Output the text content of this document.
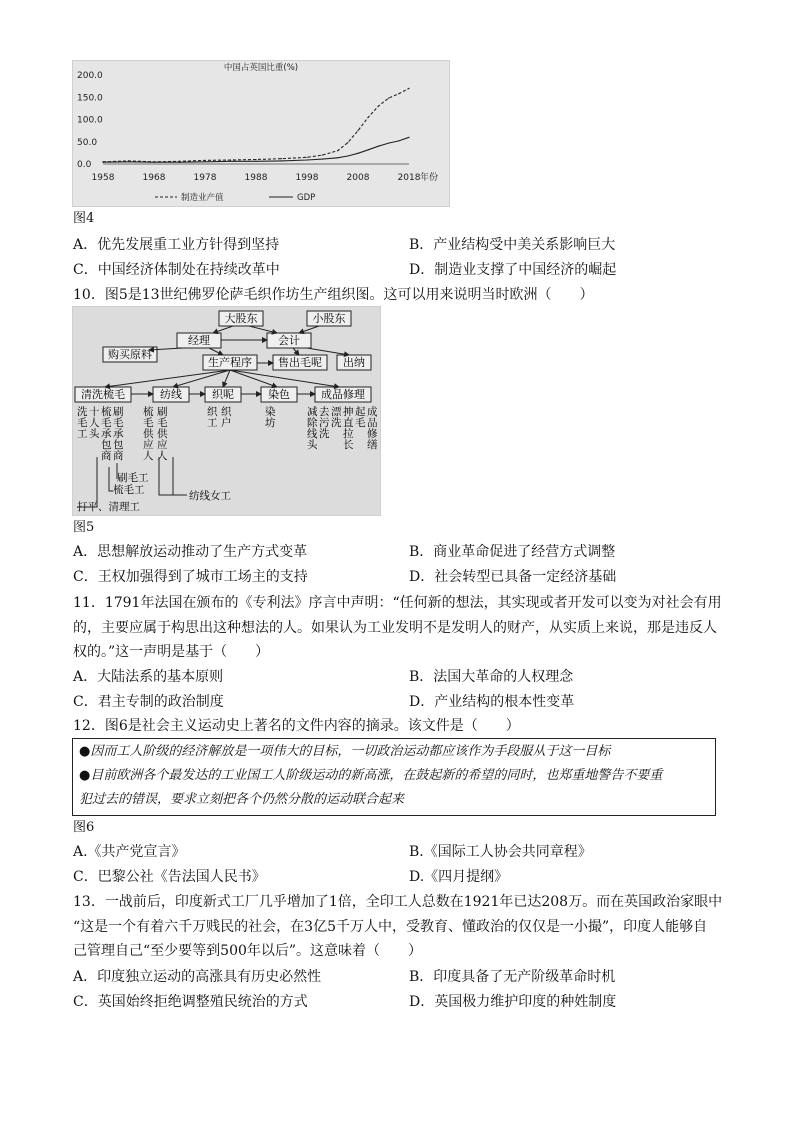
中国占英国比重(%)
0.0
50.0
100.0
150.0
200.0
1958	1968	1978	1988	1998	2008	2018 年份
制造业产值	GDP
图4
A．优先发展重工业方针得到坚持	B．产业结构受中美关系影响巨大
C．中国经济体制处在持续改革中	D．制造业支撑了中国经济的崛起
10．图5是13世纪佛罗伦萨毛织作坊生产组织图。这可以用来说明当时欧洲（　　）
大股东	小股东
经理	会计
购买原料
生产程序 售出毛呢 出纳
清洗梳毛	纺线	织呢	染色	成品修理
洗
毛
工
十
人
头
梳
毛
承
包
商
刷
毛
承
包
商
梳
毛
供
应
人
刷
毛
供
应
人
织
工
织
户
染
坊
减
除
线
头
去
污
洗
漂
洗
抻
直
拉
长
起
毛
成
品
修
缮
刷毛工
梳毛工	纺线女工
打平、清理工
图5
A．思想解放运动推动了生产方式变革	B．商业革命促进了经营方式调整
C．王权加强得到了城市工场主的支持	D．社会转型已具备一定经济基础
11．1791年法国在颁布的《专利法》序言中声明：“任何新的想法，其实现或者开发可以变为对社会有用
的，主要应属于构思出这种想法的人。如果认为工业发明不是发明人的财产，从实质上来说，那是违反人
权的。”这一声明是基于（　　）
A．大陆法系的基本原则	B．法国大革命的人权理念
C．君主专制的政治制度	D．产业结构的根本性变革
12．图6是社会主义运动史上著名的文件内容的摘录。该文件是（　　）
●因而工人阶级的经济解放是一项伟大的目标，一切政治运动都应该作为手段服从于这一目标
●目前欧洲各个最发达的工业国工人阶级运动的新高涨，在鼓起新的希望的同时，也郑重地警告不要重
犯过去的错误，要求立刻把各个仍然分散的运动联合起来
图6
A.《共产党宣言》	B.《国际工人协会共同章程》
C．巴黎公社《告法国人民书》	D.《四月提纲》
13．一战前后，印度新式工厂几乎增加了1倍，全印工人总数在1921年已达208万。而在英国政治家眼中
“这是一个有着六千万贱民的社会，在3亿5千万人中，受教育、懂政治的仅仅是一小撮”，印度人能够自
己管理自己“至少要等到500年以后”。这意味着（　　）
A．印度独立运动的高涨具有历史必然性	B．印度具备了无产阶级革命时机
C．英国始终拒绝调整殖民统治的方式	D．英国极力维护印度的种姓制度
